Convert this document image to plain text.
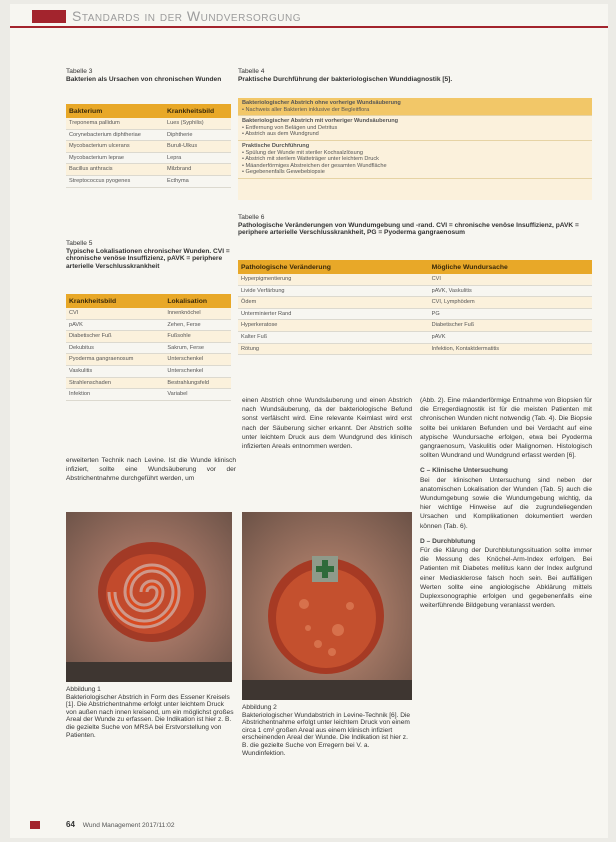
Standards in der Wundversorgung
Tabelle 3

Bakterien als Ursachen von chronischen Wunden
Bakterium	Krankheitsbild
Treponema pallidum	Lues (Syphilis)
Corynebacterium diphtheriae	Diphtherie
Mycobacterium ulcerans	Buruli-Ulkus
Mycobacterium leprae	Lepra
Bacillus anthracis	Milzbrand
Streptococcus pyogenes	Ecthyma
Tabelle 5

Typische Lokalisationen chronischer Wunden. CVI = chronische venöse Insuffizienz, pAVK = periphere arterielle Verschlusskrankheit
Krankheitsbild	Lokalisation
CVI	Innenknöchel
pAVK	Zehen, Ferse
Diabetischer Fuß	Fußsohle
Dekubitus	Sakrum, Ferse
Pyoderma gangraenosum	Unterschenkel
Vaskulitis	Unterschenkel
Strahlenschaden	Bestrahlungsfeld
Infektion	Variabel
Tabelle 4

Praktische Durchführung der bakteriologischen Wunddiagnostik [5].
Bakteriologischer Abstrich ohne vorherige Wundsäuberung
• Nachweis aller Bakterien inklusive der Begleitflora
Bakteriologischer Abstrich mit vorheriger Wundsäuberung
• Entfernung von Belägen und Detritus
• Abstrich aus dem Wundgrund
Praktische Durchführung
• Spülung der Wunde mit steriler Kochsalzlösung
• Abstrich mit sterilem Watteträger unter leichtem Druck
• Mäanderförmiges Abstreichen der gesamten Wundfläche
• Gegebenenfalls Gewebebiopsie
Tabelle 6

Pathologische Veränderungen von Wundumgebung und -rand. CVI = chronische venöse Insuffizienz, pAVK = periphere arterielle Verschlusskrankheit, PG = Pyoderma gangraenosum
Pathologische Veränderung	Mögliche Wundursache
Hyperpigmentierung	CVI
Livide Verfärbung	pAVK, Vaskulitis
Ödem	CVI, Lymphödem
Unterminierter Rand	PG
Hyperkeratose	Diabetischer Fuß
Kalter Fuß	pAVK
Rötung	Infektion, Kontaktdermatitis

erweiterten Technik nach Levine. Ist die Wunde klinisch infiziert, sollte eine Wundsäuberung vor der Abstrichentnahme durchgeführt werden, um

einen Abstrich ohne Wundsäuberung und einen Abstrich nach Wundsäuberung, da der bakteriologische Befund sonst verfälscht wird. Eine relevante Keimlast wird erst nach der Säuberung sicher erkannt. Der Abstrich sollte unter leichtem Druck aus dem Wundgrund des klinisch infizierten Areals entnommen werden.

(Abb. 2). Eine mäanderförmige Entnahme von Biopsien für die Erregerdiagnostik ist für die meisten Patienten mit chronischen Wunden nicht notwendig (Tab. 4). Die Biopsie sollte bei unklaren Befunden und bei Verdacht auf eine atypische Wundursache erfolgen, etwa bei Pyoderma gangraenosum, Vaskulitis oder Malignomen. Histologisch sollten Wundrand und Wundgrund erfasst werden [6].

C – Klinische Untersuchung

Bei der klinischen Untersuchung sind neben der anatomischen Lokalisation der Wunden (Tab. 5) auch die Wundumgebung sowie die Wundumgebung wichtig, da hier wichtige Hinweise auf die zugrundeliegenden Ursachen und Komplikationen dokumentiert werden können (Tab. 6).

D – Durchblutung

Für die Klärung der Durchblutungssituation sollte immer die Messung des Knöchel-Arm-Index erfolgen. Bei Patienten mit Diabetes mellitus kann der Index aufgrund einer Mediasklerose falsch hoch sein. Bei auffälligen Werten sollte eine angiologische Abklärung mittels Duplexsonographie erfolgen und gegebenenfalls eine weiterführende Bildgebung veranlasst werden.

Abbildung 1
Bakteriologischer Abstrich in Form des Essener Kreisels [1]. Die Abstrichentnahme erfolgt unter leichtem Druck von außen nach innen kreisend, um ein möglichst großes Areal der Wunde zu erfassen. Die Indikation ist hier z. B. die gezielte Suche von MRSA bei Erstvorstellung von Patienten.
Abbildung 2
Bakteriologischer Wundabstrich in Levine-Technik [6]. Die Abstrichentnahme erfolgt unter leichtem Druck von einem circa 1 cm² großen Areal aus einem klinisch infiziert erscheinenden Areal der Wunde. Die Indikation ist hier z. B. die gezielte Suche von Erregern bei V. a. Wundinfektion.
64 Wund Management 2017/11:02
